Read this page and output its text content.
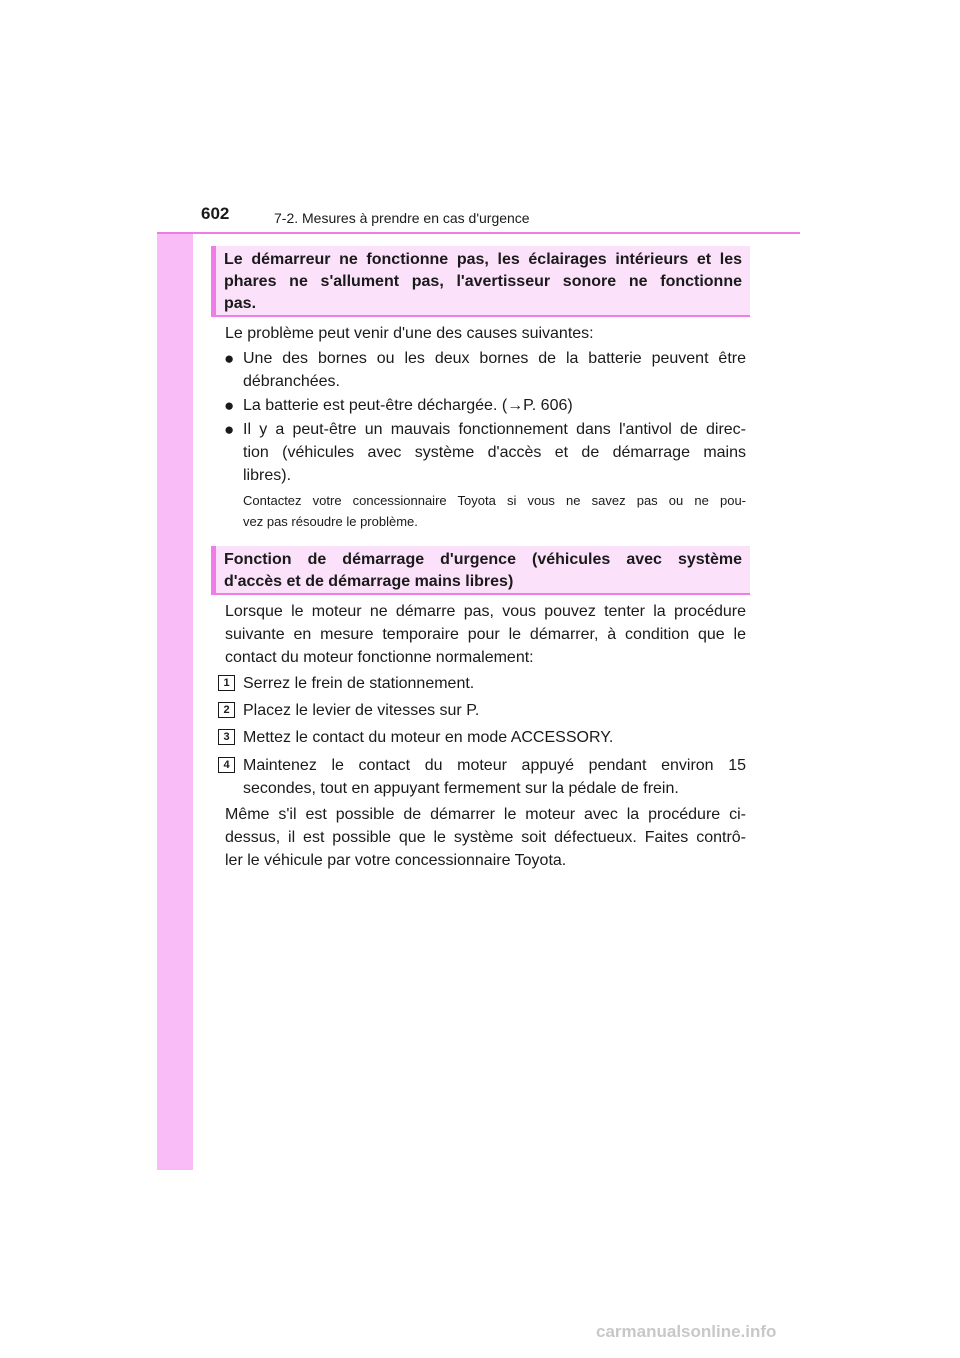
602	7-2. Mesures à prendre en cas d'urgence
Le démarreur ne fonctionne pas, les éclairages intérieurs et les
phares ne s'allument pas, l'avertisseur sonore ne fonctionne
pas.
Le problème peut venir d'une des causes suivantes:
● Une des bornes ou les deux bornes de la batterie peuvent être
débranchées.
● La batterie est peut-être déchargée. (→P. 606)
● Il y a peut-être un mauvais fonctionnement dans l'antivol de direc-
tion (véhicules avec système d'accès et de démarrage mains
libres).
Contactez votre concessionnaire Toyota si vous ne savez pas ou ne pou-
vez pas résoudre le problème.
Fonction de démarrage d'urgence (véhicules avec système
d'accès et de démarrage mains libres)
Lorsque le moteur ne démarre pas, vous pouvez tenter la procédure
suivante en mesure temporaire pour le démarrer, à condition que le
contact du moteur fonctionne normalement:
1 Serrez le frein de stationnement.
2 Placez le levier de vitesses sur P.
3 Mettez le contact du moteur en mode ACCESSORY.
4 Maintenez le contact du moteur appuyé pendant environ 15
secondes, tout en appuyant fermement sur la pédale de frein.
Même s'il est possible de démarrer le moteur avec la procédure ci-
dessus, il est possible que le système soit défectueux. Faites contrô-
ler le véhicule par votre concessionnaire Toyota.
carmanualsonline.info
